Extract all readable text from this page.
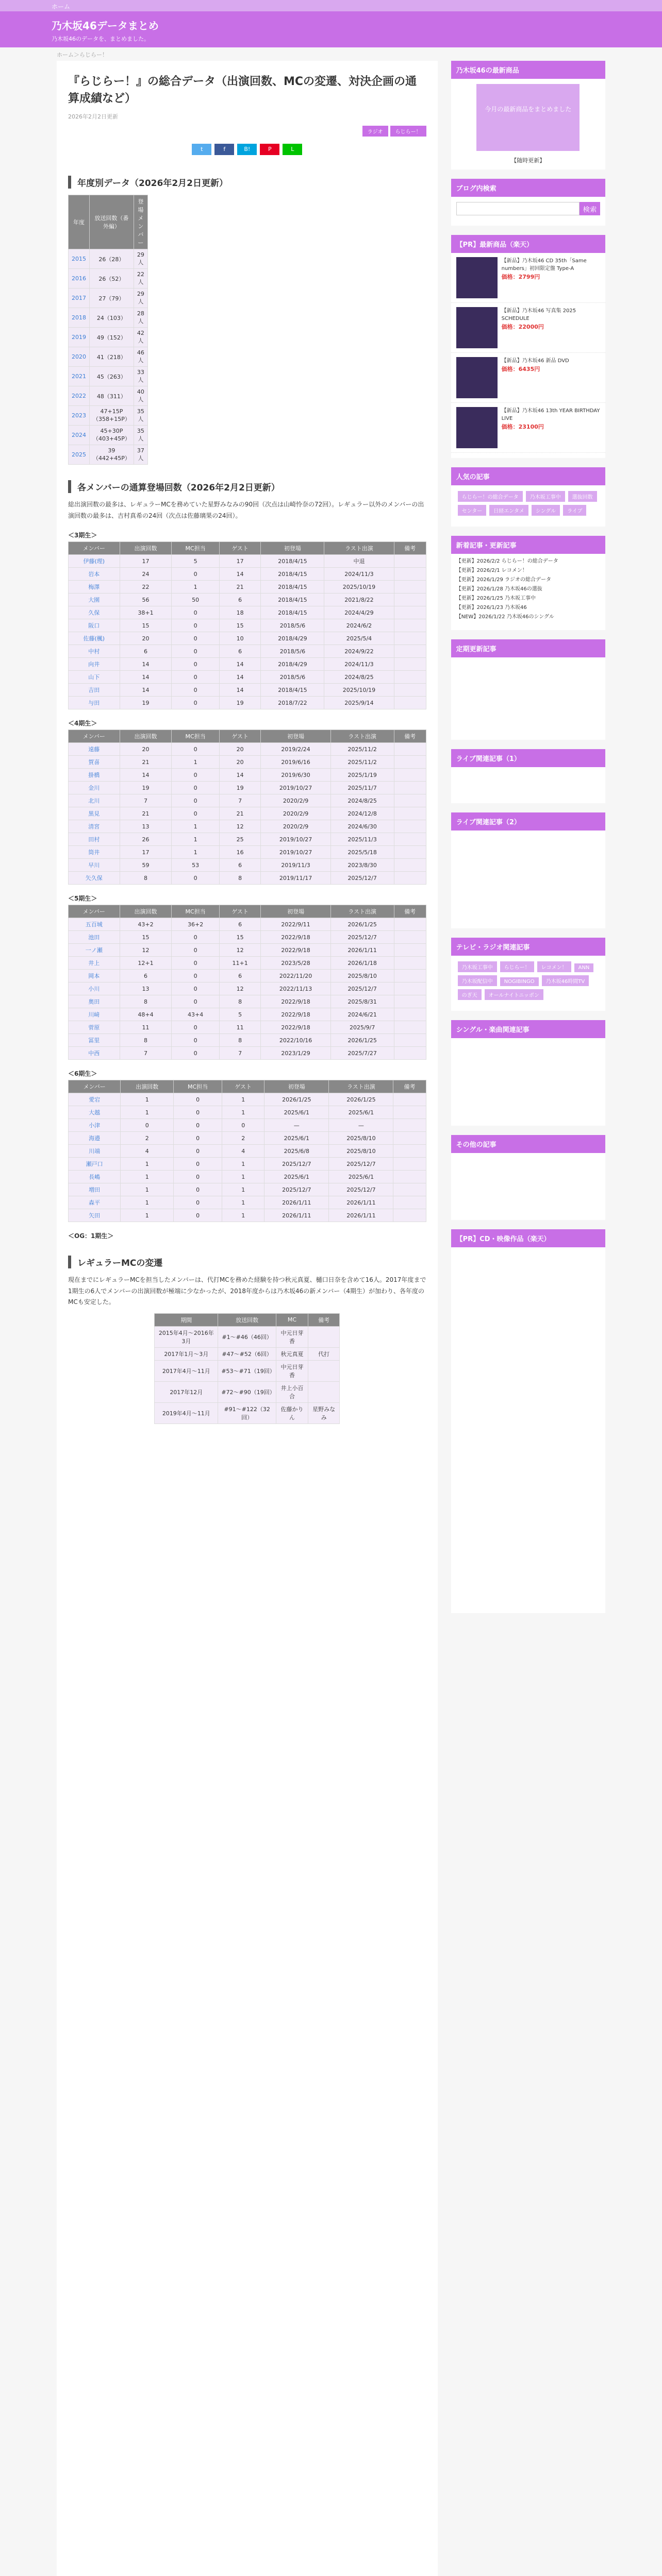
ホーム
乃木坂46データまとめ
乃木坂46のデータを、まとめました。
ホーム＞らじらー！
『らじらー！』の総合データ（出演回数、MCの変遷、対決企画の通算成績など）
2026年2月2日更新
ラジオ らじらー！
t	f	B!	P	L
年度別データ（2026年2月2日更新）
年度	放送回数（番外編）	登場メンバー
2015	26（28）	29人
2016	26（52）	22人
2017	27（79）	29人
2018	24（103）	28人
2019	49（152）	42人
2020	41（218）	46人
2021	45（263）	33人
2022	48（311）	40人
2023	47+15P（358+15P）	35人
2024	45+30P（403+45P）	35人
2025	39（442+45P）	37人
各メンバーの通算登場回数（2026年2月2日更新）

総出演回数の最多は、レギュラーMCを務めていた星野みなみの90回（次点は山崎怜奈の72回）。レギュラー以外のメンバーの出演回数の最多は、吉村真希の24回（次点は佐藤璃果の24回）。

＜3期生＞
メンバー	出演回数	MC担当	ゲスト	初登場	ラスト出演	備考
伊藤(理)	17	5	17	2018/4/15	中退	
岩本	24	0	14	2018/4/15	2024/11/3	
梅澤	22	1	21	2018/4/15	2025/10/19	
大園	56	50	6	2018/4/15	2021/8/22	
久保	38+1	0	18	2018/4/15	2024/4/29	
阪口	15	0	15	2018/5/6	2024/6/2	
佐藤(楓)	20	0	10	2018/4/29	2025/5/4	
中村	6	0	6	2018/5/6	2024/9/22	
向井	14	0	14	2018/4/29	2024/11/3	
山下	14	0	14	2018/5/6	2024/8/25	
吉田	14	0	14	2018/4/15	2025/10/19	
与田	19	0	19	2018/7/22	2025/9/14	
＜4期生＞
メンバー	出演回数	MC担当	ゲスト	初登場	ラスト出演	備考
遠藤	20	0	20	2019/2/24	2025/11/2	
賀喜	21	1	20	2019/6/16	2025/11/2	
掛橋	14	0	14	2019/6/30	2025/1/19	
金川	19	0	19	2019/10/27	2025/11/7	
北川	7	0	7	2020/2/9	2024/8/25	
黒見	21	0	21	2020/2/9	2024/12/8	
清宮	13	1	12	2020/2/9	2024/6/30	
田村	26	1	25	2019/10/27	2025/11/3	
筒井	17	1	16	2019/10/27	2025/5/18	
早川	59	53	6	2019/11/3	2023/8/30	
矢久保	8	0	8	2019/11/17	2025/12/7	
＜5期生＞
メンバー	出演回数	MC担当	ゲスト	初登場	ラスト出演	備考
五百城	43+2	36+2	6	2022/9/11	2026/1/25	
池田	15	0	15	2022/9/18	2025/12/7	
一ノ瀬	12	0	12	2022/9/18	2026/1/11	
井上	12+1	0	11+1	2023/5/28	2026/1/18	
岡本	6	0	6	2022/11/20	2025/8/10	
小川	13	0	12	2022/11/13	2025/12/7	
奥田	8	0	8	2022/9/18	2025/8/31	
川﨑	48+4	43+4	5	2022/9/18	2024/6/21	
菅原	11	0	11	2022/9/18	2025/9/7	
冨里	8	0	8	2022/10/16	2026/1/25	
中西	7	0	7	2023/1/29	2025/7/27	
＜6期生＞
メンバー	出演回数	MC担当	ゲスト	初登場	ラスト出演	備考
愛宕	1	0	1	2026/1/25	2026/1/25	
大越	1	0	1	2025/6/1	2025/6/1	
小津	0	0	0	—	—	
海邉	2	0	2	2025/6/1	2025/8/10	
川端	4	0	4	2025/6/8	2025/8/10	
瀬戸口	1	0	1	2025/12/7	2025/12/7	
長嶋	1	0	1	2025/6/1	2025/6/1	
増田	1	0	1	2025/12/7	2025/12/7	
森平	1	0	1	2026/1/11	2026/1/11	
矢田	1	0	1	2026/1/11	2026/1/11	
＜OG：1期生＞
レギュラーMCの変遷

現在までにレギュラーMCを担当したメンバーは、代打MCを務めた経験を持つ秋元真夏、樋口日奈を含めて16人。2017年度まで1期生の6人でメンバーの出演回数が極端に少なかったが、2018年度からは乃木坂46の新メンバー（4期生）が加わり、各年度のMCも安定した。

期間	放送回数	MC	備考
2015年4月〜2016年3月	#1〜#46（46回）	中元日芽香	
2017年1月〜3月	#47〜#52（6回）	秋元真夏	代打
2017年4月〜11月	#53〜#71（19回）	中元日芽香	
2017年12月	#72〜#90（19回）	井上小百合	
2019年4月〜11月	#91〜#122（32回）	佐藤かりん	星野みなみ
乃木坂46の最新商品
今月の最新商品をまとめました
【随時更新】
ブログ内検索
検索
【PR】最新商品（楽天）
【新品】乃木坂46 CD 35th「Same numbers」初回限定盤 Type-A
価格：2799円
【新品】乃木坂46 写真集 2025 SCHEDULE
価格：22000円
【新品】乃木坂46 新品 DVD
価格：6435円
【新品】乃木坂46 13th YEAR BIRTHDAY LIVE
価格：23100円
人気の記事
らじらー！の総合データ 乃木坂工事中 選抜回数センター 日経エンタメ シングル ライブ
新着記事・更新記事
【更新】2026/2/2 らじらー！の総合データ
【更新】2026/2/1 レコメン！
【更新】2026/1/29 ラジオの総合データ
【更新】2026/1/28 乃木坂46の選抜
【更新】2026/1/25 乃木坂工事中
【更新】2026/1/23 乃木坂46
【NEW】2026/1/22 乃木坂46のシングル
定期更新記事
ライブ関連記事（1）
ライブ関連記事（2）
テレビ・ラジオ関連記事
乃木坂工事中 らじらー！ レコメン！ ANN乃木坂配信中 NOGIBINGO 乃木坂46時間TVのぎ天 オールナイトニッポン
シングル・楽曲関連記事
その他の記事
【PR】CD・映像作品（楽天）
